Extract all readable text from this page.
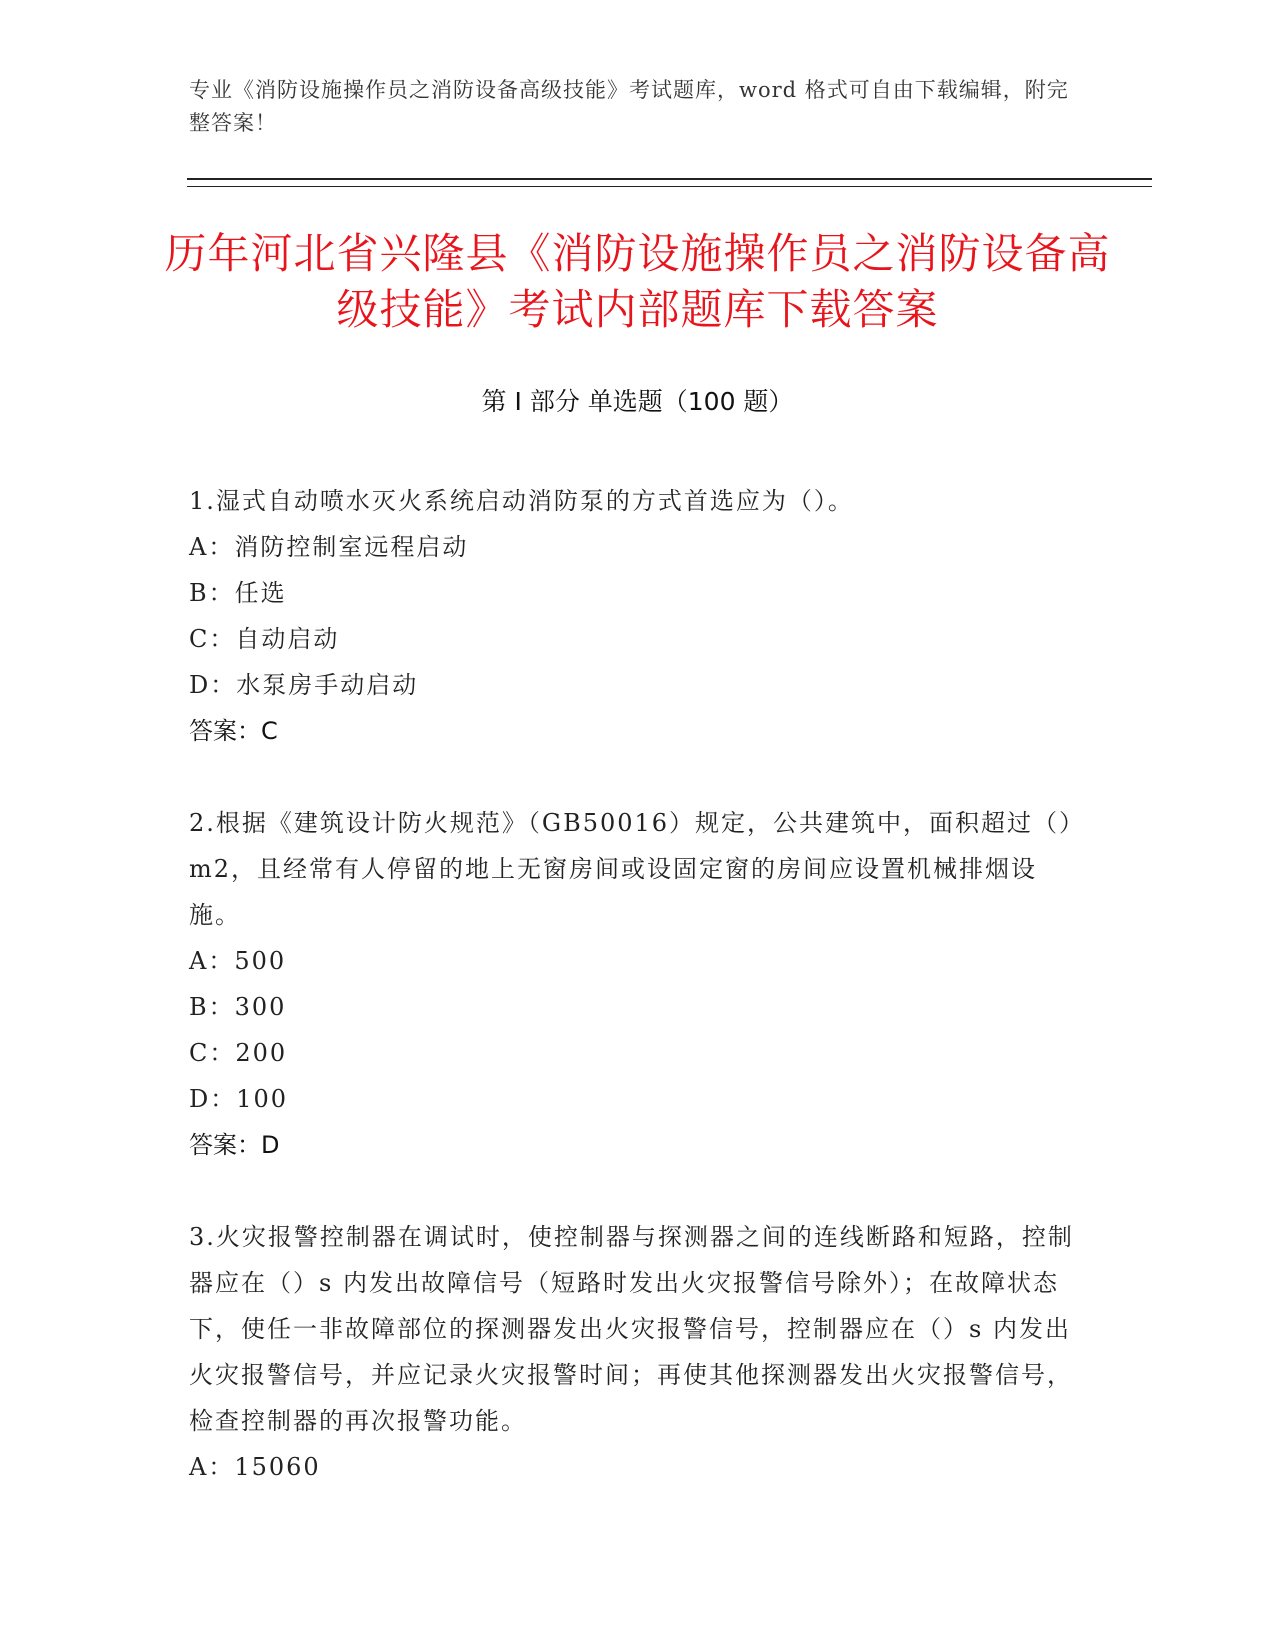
专业《消防设施操作员之消防设备高级技能》考试题库，word 格式可自由下载编辑，附完整答案！
历年河北省兴隆县《消防设施操作员之消防设备高级技能》考试内部题库下载答案
第 I 部分 单选题（100 题）
1.湿式自动喷水灭火系统启动消防泵的方式首选应为（）。
A：消防控制室远程启动
B：任选
C：自动启动
D：水泵房手动启动
答案：C
2.根据《建筑设计防火规范》（GB50016）规定，公共建筑中，面积超过（）m2，且经常有人停留的地上无窗房间或设固定窗的房间应设置机械排烟设施。
A：500
B：300
C：200
D：100
答案：D
3.火灾报警控制器在调试时，使控制器与探测器之间的连线断路和短路，控制器应在（）s 内发出故障信号（短路时发出火灾报警信号除外）；在故障状态下，使任一非故障部位的探测器发出火灾报警信号，控制器应在（）s 内发出火灾报警信号，并应记录火灾报警时间；再使其他探测器发出火灾报警信号，检查控制器的再次报警功能。
A：15060
